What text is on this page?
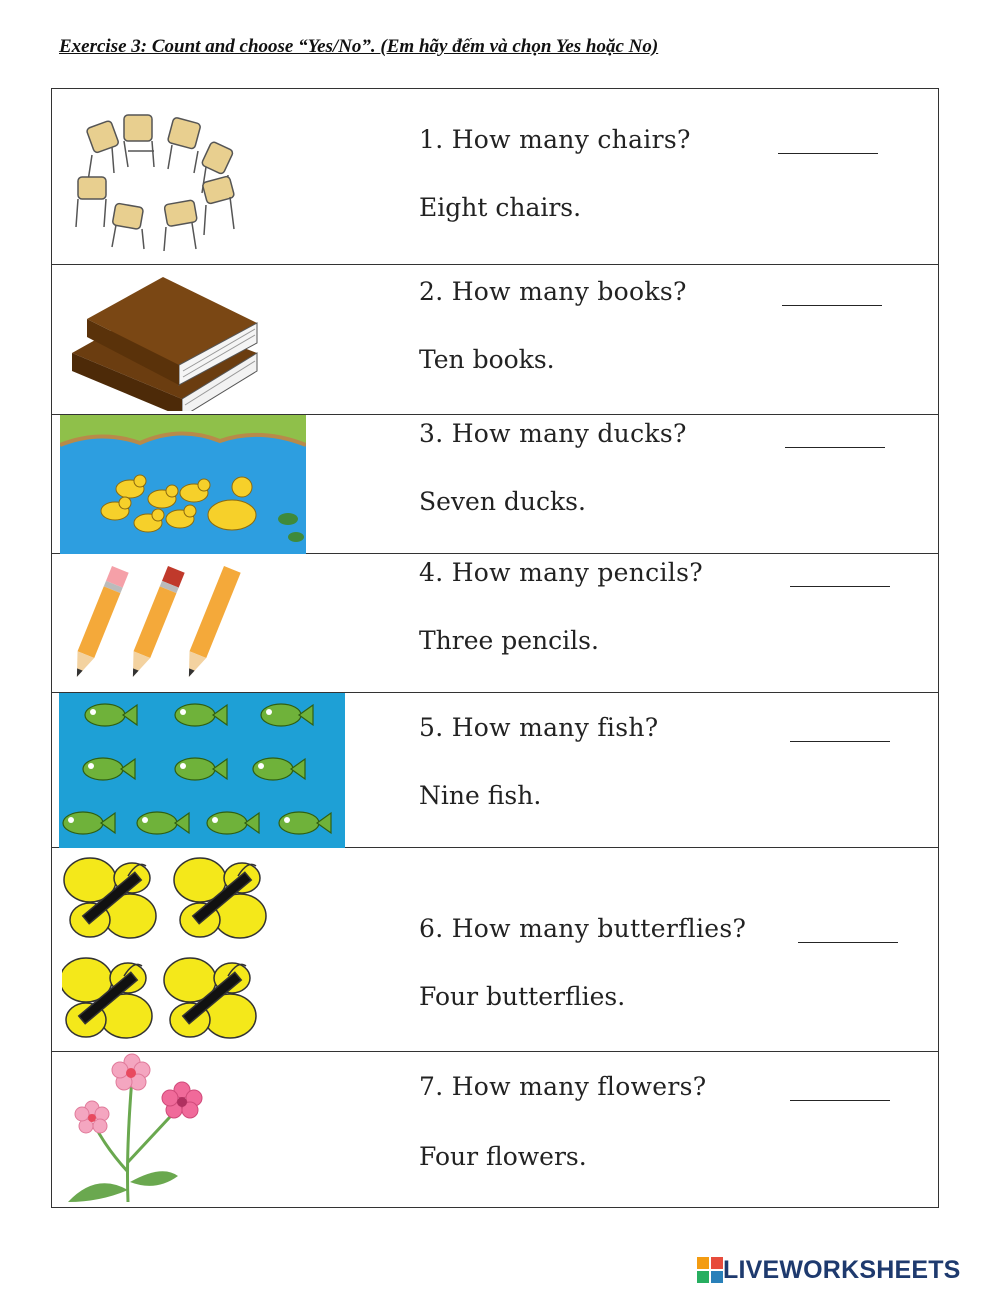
Exercise 3: Count and choose “Yes/No”. (Em hãy đếm và chọn Yes hoặc No)
1. How many chairs?	________
Eight chairs.
2. How many books?	________
Ten books.
3. How many ducks?	________
Seven ducks.
4. How many pencils?	________
Three pencils.
5. How many fish?	________
Nine fish.
6. How many butterflies? ________
Four butterflies.
7. How many flowers?	________
Four flowers.
LIVEWORKSHEETS
